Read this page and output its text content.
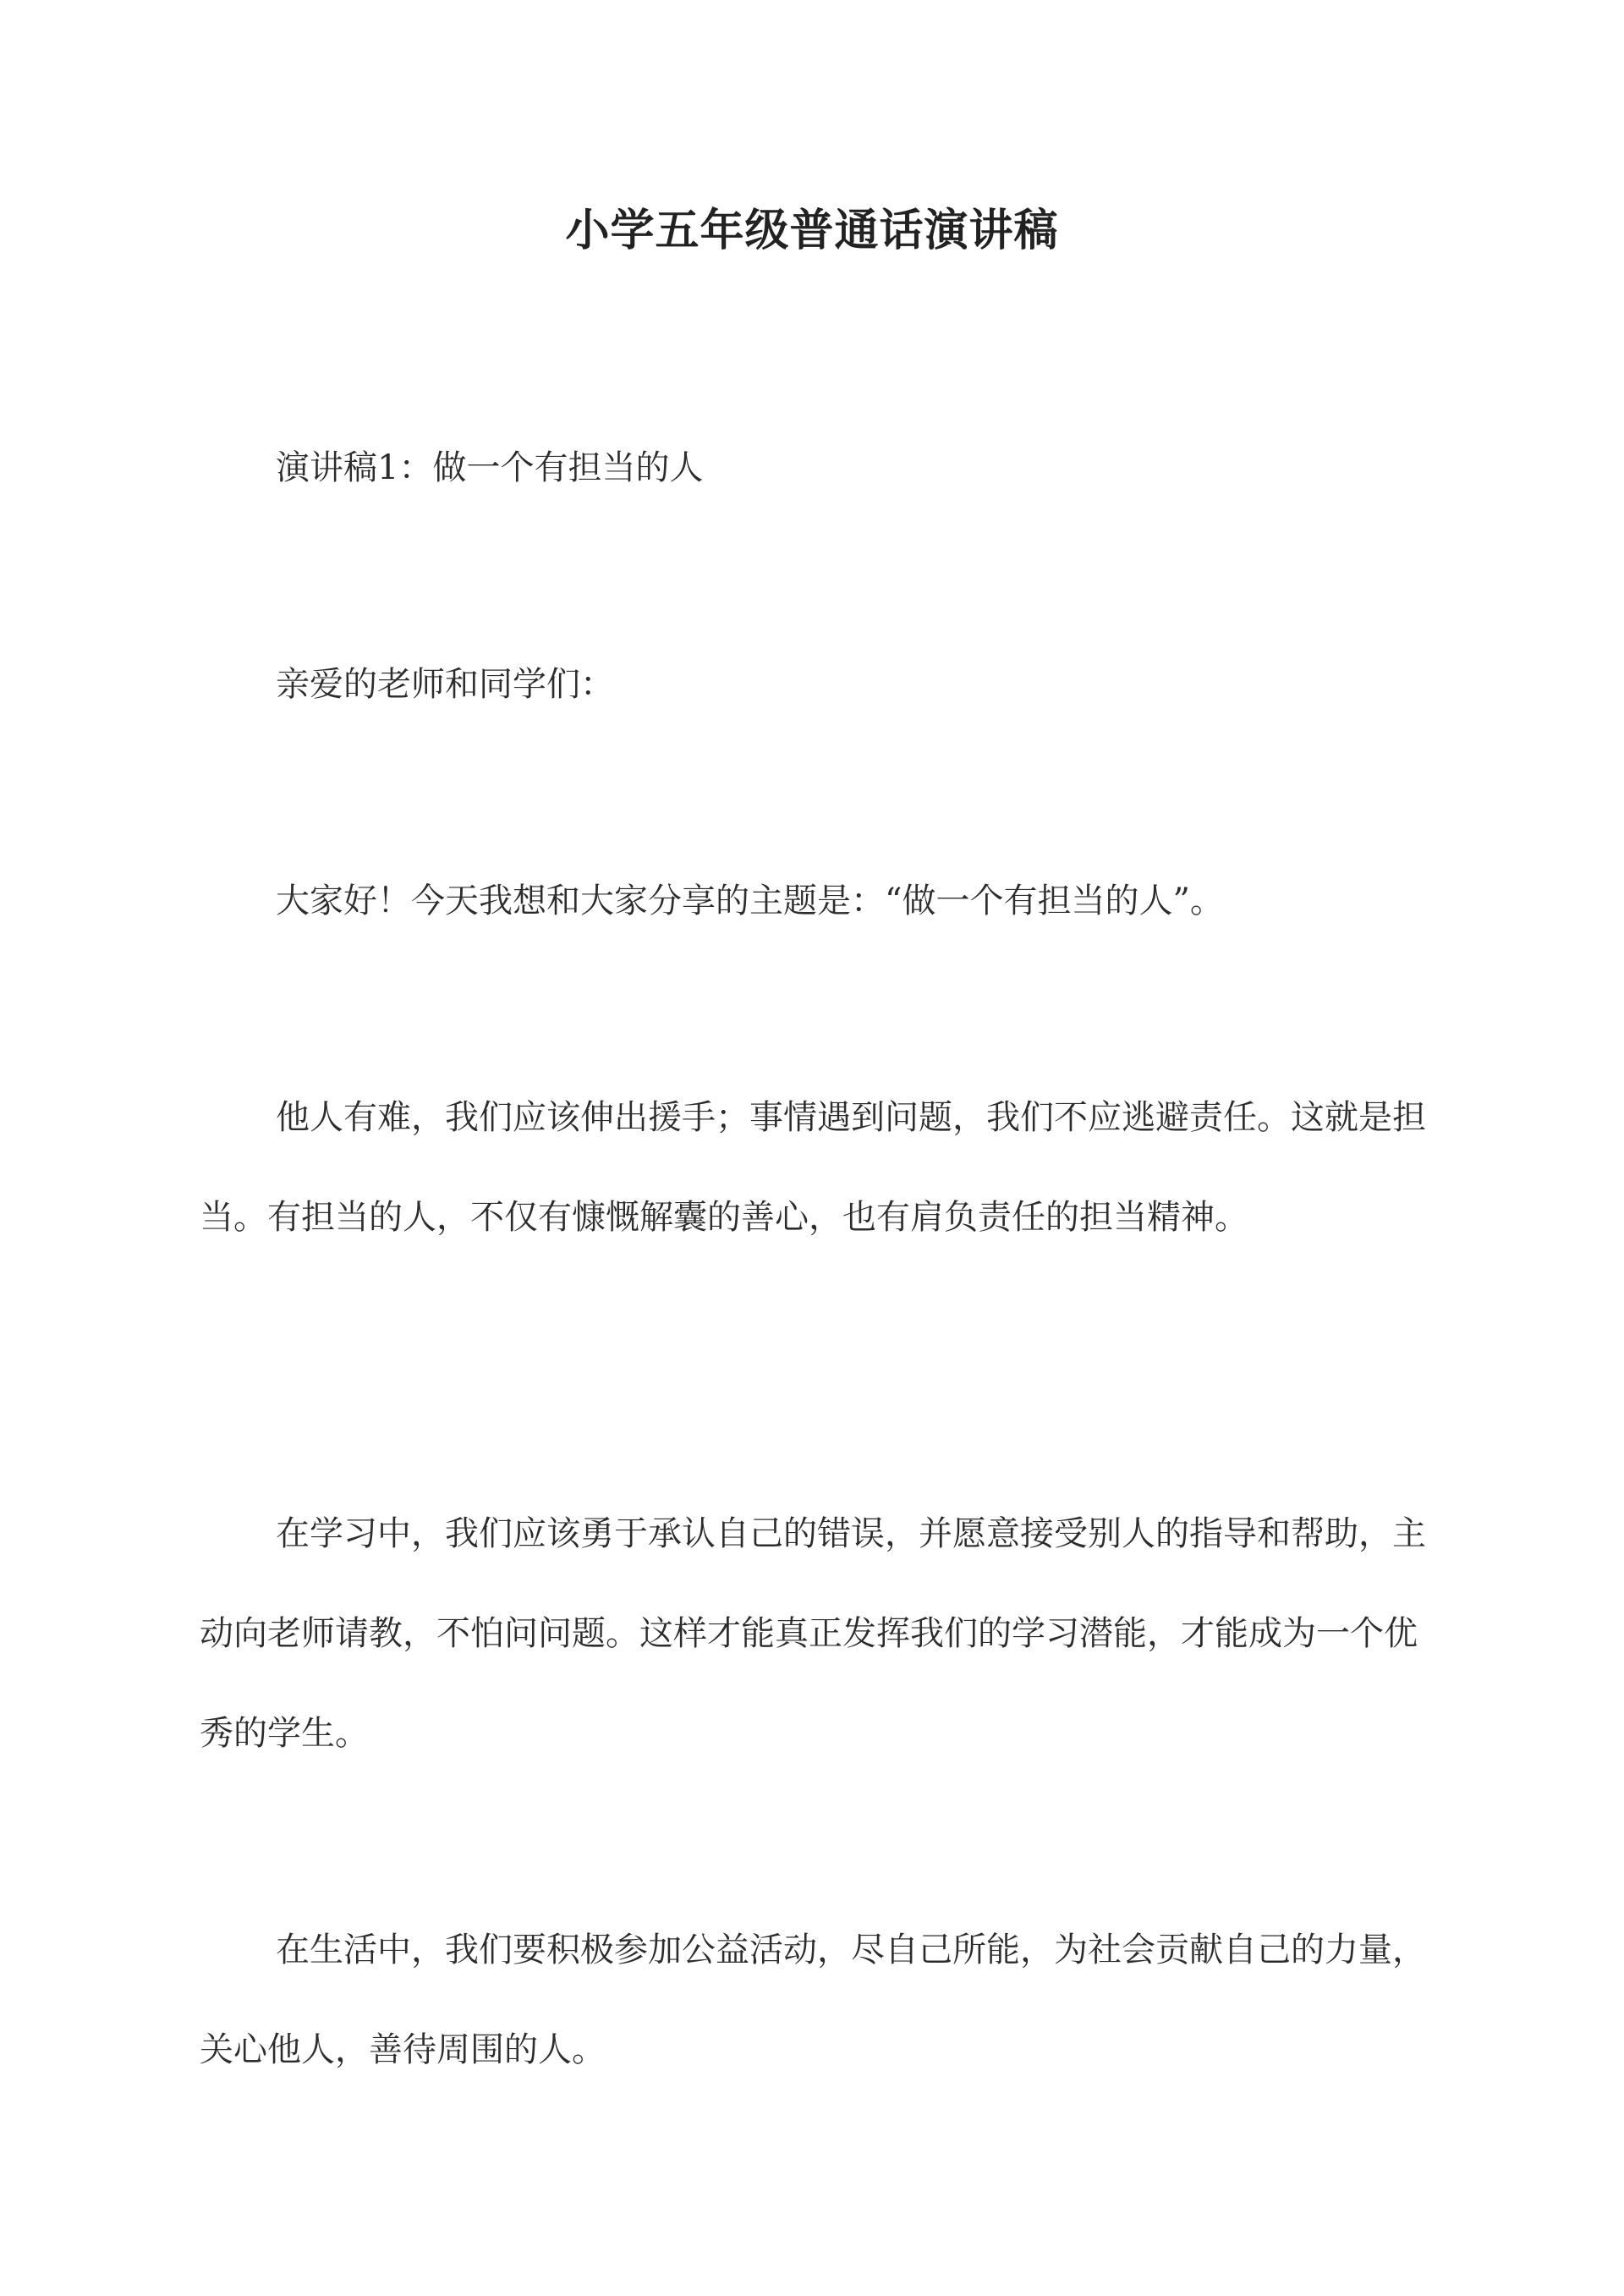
小学五年级普通话演讲稿

演讲稿1：做一个有担当的人

亲爱的老师和同学们：

大家好！今天我想和大家分享的主题是：“做一个有担当的人”。

他人有难，我们应该伸出援手；事情遇到问题，我们不应逃避责任。这就是担当。有担当的人，不仅有慷慨解囊的善心，也有肩负责任的担当精神。

在学习中，我们应该勇于承认自己的错误，并愿意接受别人的指导和帮助，主动向老师请教，不怕问问题。这样才能真正发挥我们的学习潜能，才能成为一个优秀的学生。

在生活中，我们要积极参加公益活动，尽自己所能，为社会贡献自己的力量，关心他人，善待周围的人。
